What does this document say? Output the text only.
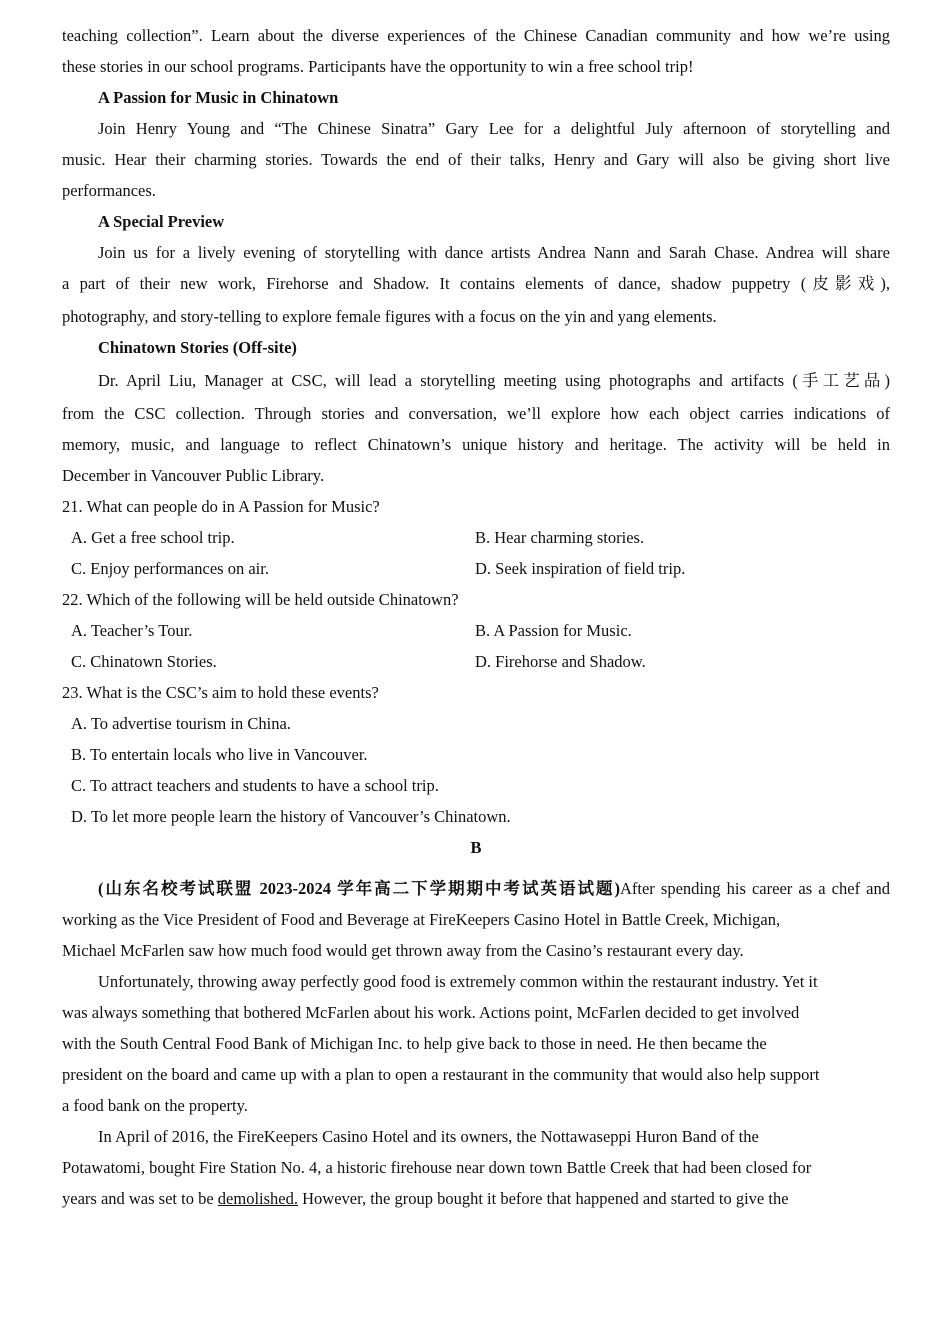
teaching collection”. Learn about the diverse experiences of the Chinese Canadian community and how we’re using

these stories in our school programs. Participants have the opportunity to win a free school trip!

A Passion for Music in Chinatown

Join Henry Young and “The Chinese Sinatra” Gary Lee for a delightful July afternoon of storytelling and

music. Hear their charming stories. Towards the end of their talks, Henry and Gary will also be giving short live

performances.

A Special Preview

Join us for a lively evening of storytelling with dance artists Andrea Nann and Sarah Chase. Andrea will share

a part of their new work, Firehorse and Shadow. It contains elements of dance, shadow puppetry (皮影戏),

photography, and story-telling to explore female figures with a focus on the yin and yang elements.

Chinatown Stories (Off-site)

Dr. April Liu, Manager at CSC, will lead a storytelling meeting using photographs and artifacts (手工艺品)

from the CSC collection. Through stories and conversation, we’ll explore how each object carries indications of

memory, music, and language to reflect Chinatown’s unique history and heritage. The activity will be held in

December in Vancouver Public Library.

21. What can people do in A Passion for Music?

A. Get a free school trip.	B. Hear charming stories.
C. Enjoy performances on air.	D. Seek inspiration of field trip.

22. Which of the following will be held outside Chinatown?

A. Teacher’s Tour.	B. A Passion for Music.
C. Chinatown Stories.	D. Firehorse and Shadow.

23. What is the CSC’s aim to hold these events?

A. To advertise tourism in China.
B. To entertain locals who live in Vancouver.
C. To attract teachers and students to have a school trip.
D. To let more people learn the history of Vancouver’s Chinatown.

B

(山东名校考试联盟 2023-2024 学年高二下学期期中考试英语试题)After spending his career as a chef and

working as the Vice President of Food and Beverage at FireKeepers Casino Hotel in Battle Creek, Michigan,

Michael McFarlen saw how much food would get thrown away from the Casino’s restaurant every day.

Unfortunately, throwing away perfectly good food is extremely common within the restaurant industry. Yet it

was always something that bothered McFarlen about his work. Actions point, McFarlen decided to get involved

with the South Central Food Bank of Michigan Inc. to help give back to those in need. He then became the

president on the board and came up with a plan to open a restaurant in the community that would also help support

a food bank on the property.

In April of 2016, the FireKeepers Casino Hotel and its owners, the Nottawaseppi Huron Band of the

Potawatomi, bought Fire Station No. 4, a historic firehouse near down town Battle Creek that had been closed for

years and was set to be demolished. However, the group bought it before that happened and started to give the
